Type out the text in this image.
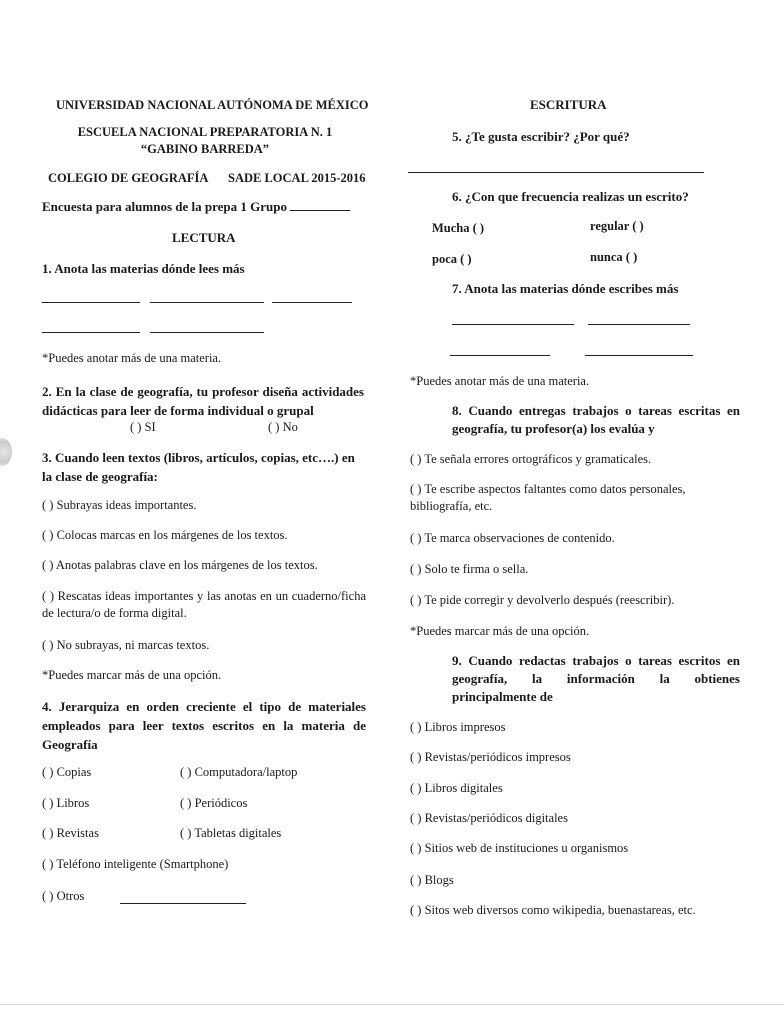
UNIVERSIDAD NACIONAL AUTÓNOMA DE MÉXICO
ESCUELA NACIONAL PREPARATORIA N. 1 “GABINO BARREDA”
COLEGIO DE GEOGRAFÍA SADE LOCAL 2015-2016
Encuesta para alumnos de la prepa 1 Grupo
LECTURA
1. Anota las materias dónde lees más
*Puedes anotar más de una materia.
2. En la clase de geografía, tu profesor diseña actividades didácticas para leer de forma individual o grupal
( ) SI	( ) No
3. Cuando leen textos (libros, artículos, copias, etc….) en la clase de geografía:
( ) Subrayas ideas importantes.
( ) Colocas marcas en los márgenes de los textos.
( ) Anotas palabras clave en los márgenes de los textos.
( ) Rescatas ideas importantes y las anotas en un cuaderno/ficha de lectura/o de forma digital.
( ) No subrayas, ni marcas textos.
*Puedes marcar más de una opción.
4. Jerarquiza en orden creciente el tipo de materiales empleados para leer textos escritos en la materia de Geografía
( ) Copias	( ) Computadora/laptop
( ) Libros	( ) Periódicos
( ) Revistas	( ) Tabletas digitales
( ) Teléfono inteligente (Smartphone)
( ) Otros
ESCRITURA
5. ¿Te gusta escribir? ¿Por qué?
6. ¿Con que frecuencia realizas un escrito?
Mucha ( )	regular ( )
poca ( )	nunca ( )
7. Anota las materias dónde escribes más
*Puedes anotar más de una materia.
8. Cuando entregas trabajos o tareas escritas en geografía, tu profesor(a) los evalúa y
( ) Te señala errores ortográficos y gramaticales.
( ) Te escribe aspectos faltantes como datos personales, bibliografía, etc.
( ) Te marca observaciones de contenido.
( ) Solo te firma o sella.
( ) Te pide corregir y devolverlo después (reescribir).
*Puedes marcar más de una opción.
9. Cuando redactas trabajos o tareas escritos en geografía, la información la obtienes principalmente de
( ) Libros impresos
( ) Revistas/periódicos impresos
( ) Libros digitales
( ) Revistas/periódicos digitales
( ) Sitios web de instituciones u organismos
( ) Blogs
( ) Sitos web diversos como wikipedia, buenastareas, etc.
